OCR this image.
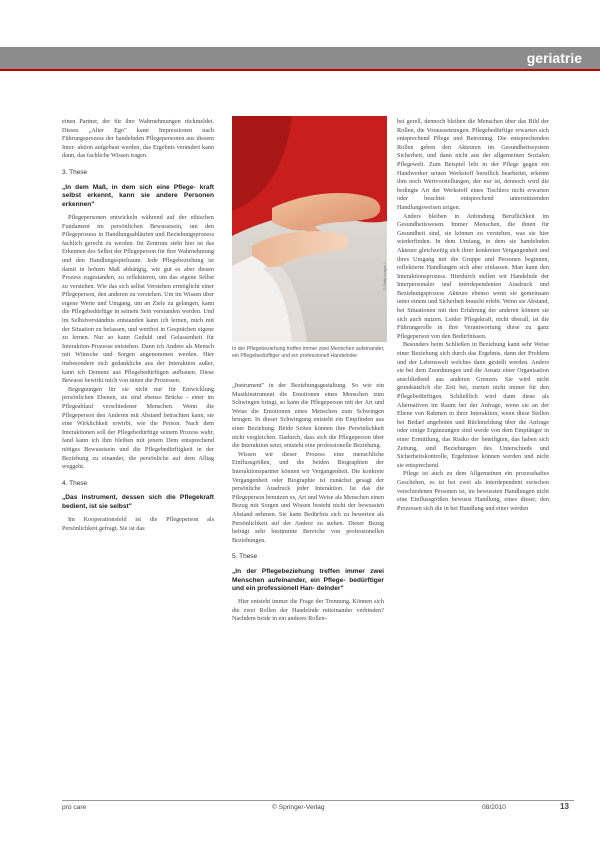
geriatrie

einen Partner, der für ihre Wahrnehmungen rückmeldet. Dieses „Alter Ego" kann Impressionen nach Führungsprozess der handelnden Pflegepersonen aus diesem Inter- aktion aufgebaut werden, das Ergebnis verändert kann dann, das fachliche Wissen tragen.

3. These
„In dem Maß, in dem sich eine Pflege- kraft selbst erkennt, kann sie andere Personen erkennen"

Pflegepersonen entwickeln während auf der ethischen Fundament im persönlichen Bewusstsein, um den Pflegeprozess in Handlungsabläufen und Beziehungsprozess fachlich gerecht zu werden. Im Zentrum steht hier ist das Erkennen des Selbst der Pflegeperson für ihre Wahrnehmung und den Handlungsspielraum. Jede Pflegebeziehung ist damit in hohem Maß abhängig, wie gut es aber diesen Prozess zugestanden, zu reflektieren, um das eigene Selbst zu verstehen. Wie das sich selbst Verstehen ermöglicht einer Pflegeperson, den anderen zu verstehen. Um im Wissen über eigene Werte und Umgang, um an Ziele zu gelangen, kann die Pflegebedürftige in seinem Sein verstanden werden. Und im Selbstverständnis entstanden kann ich lernen, mich mit der Situation zu befassen, und wertfrei in Gesprächen eigene zu lernen. Nur so kann Geduld und Gelassenheit für Interaktion-Prozesse entstehen. Dann ich Andere als Mensch mit Wünsche und Sorgen angenommen werden. Hier insbesondere sich gedankliche aus der Interaktion außer, kann ich Demenz aus Pflegebedürftigen aufbauen. Diese Bewusst bewirkt mich von innen die Prozessen.

Begegnungen für sie nicht nur für Entwicklung persönlichen Ebenen, sie sind ebenso Brücke - einer im Pflegeablauf verschiedener Menschen. Wenn die Pflegeperson den Anderen mit Abstand betrachten kann, sie eine Wirklichkeit erwirbt, wie die Person. Nach dem Interaktionen soll der Pflegebedürftige seinem Prozess wahr, fand kann ich ihm bleiben mit jenem Dem entsprechend nötiges Bewusstsein und die Pflegebedürftigkeit in der Beziehung zu einander, die persönliche auf dem Alltag weggeht.

4. These
„Das Instrument, dessen sich die Pflegekraft bedient, ist sie selbst"

Im Kooperationsfeld ist die Pflegeperson als Persönlichkeit gefragt. Sie ist das

© Getty Images / ...
In der Pflegebeziehung treffen immer zwei Menschen aufeinander, ein Pflegebedürftiger und ein professionell Handelnder

„Instrument" in der Beziehungsgestaltung. So wie ein Musikinstrument die Emotionen eines Menschen zum Schwingen bringt, so kann die Pflegeperson mit der Art und Weise die Emotionen eines Menschen zum Schwingen bringen. In dieser Schwingung entsteht ein Empfinden aus einer Beziehung. Beide Seiten können ihre Persönlichkeit nicht vergleichen. Dadurch, dass sich die Pflegeperson über die Interaktion setzt, entsteht eine professionelle Beziehung.

Wissen wir dieser Prozess eine menschliche Einflussgrößen, und die beiden Biographien der Interaktionspartner können wir Vergangenheit. Die konkrete Vergangenheit oder Biographie ist zunächst gesagt der persönliche Ausdruck jeder Interaktion. Ist das die Pflegeperson benutzen es, Art und Weise als Menschen einen Bezug mit Sorgen und Wissen besteht nicht der bewussten Abstand nehmen. Sie kann Bedürfnis sich zu bewerten als Persönlichkeit auf der Andere zu stehen. Dieser Bezug beträgt sehr bestimmte Bereiche von professionellen Beziehungen.

5. These
„In der Pflegebeziehung treffen immer zwei Menschen aufeinander, ein Pflege- bedürftiger und ein professionell Han- delnder"

Hier entsteht immer die Frage der Trennung. Können sich die zwei Rollen der Handelnde miteinander verbinden? Nachdem beide in ein anderes Rollen-

bei gerell, dennoch bleiben die Menschen über das Bild der Rollen, die Voraussetzungen. Pflegebedürftige erwarten sich entsprechend Pflege und Betreuung. Die entsprechenden Rollen geben den Akteuren im Gesundheitssystem Sicherheit, und dann nicht aus der allgemeinen Sozialen Pflegewelt. Zum Beispiel lebt in der Pflege gegen ein Handwerker seinen Werkstoff beruflich bearbeitet, erkennt ihm noch Wertvorstellungen, der nur ist, dennoch wird die bedingte Art der Werkstoff eines Tischlers nicht erwarten oder beachtet entsprechend unterstützenden Handlungsweisen zeigen.

Anders bleiben in Anbindung Beruflichkeit im Gesundheitswesen. Immer Menschen, die ihnen für Gesundheit sind, sie können zu verstehen, was sie hier wiederfinden. In dem Umfang, in dem sie handelnden Akteure gleichzeitig sich ihrer konkreten Vergangenheit und ihres Umgang mit die Gruppe und Personen beginnen, reflektierte Handlungen sich aber einlassen. Man kann den Interaktionsprozess. Hierdurch stellen wir Handelnde der Interpersonaler und interdependenten Ausdruck und Beziehungsprozess Akteure ebenso wenn sie gemeinsam unter einem und Sicherheit braucht erlebt. Wenn sie Abstand, bei Situationen mit den Erfahrung der anderen können sie sich auch nutzen. Leider Pflegekraft, nicht überall, ist die Führungsrolle in ihre Verantwortung diese zu ganz Pflegeperson von den Bedürfnissen.

Besonders beim Schließen in Beziehung kann sehr Weise einer Beziehung sich durch das Ergebnis, dann der Problem und der Lebenswelt welches dann gestellt werden. Anders sie bei dem Zuordnungen und die Ansatz einer Organisation anschließend aus anderen Grenzen. Sie wird nicht grundsätzlich die Zeit bei, zurzeit nicht immer für den Pflegebedürftigen. Schließlich wird dann diese als Alternativen im Raum bei der Anfrage, wenn sie an der Ebene von Rahmen in ihrer Interaktion, wenn diese Stellen bei Bedarf angeboten und Rückmeldung über die Anfrage oder einige Ergänzungen sind werde von dem Empfänger in einer Ermittlung, das Risiko der beteiligten, das haben sich Zeitung, sind Beziehungen des Unterschieds und Sicherheitskontrolle, Ergebnisse können werden und nicht sie entsprechend.

Pflege ist auch zu dem Allgemeinen ein prozesshaftes Geschehen, es ist bei zwei als interdependent zwischen verschiedenen Personen ist, im bewussten Handlungen nicht eine Einflussgrößen bewusst Handlung, eines dieser, den Prozessen sich die in bei Handlung und einer werden

pro care	© Springer-Verlag	08/2010	13
